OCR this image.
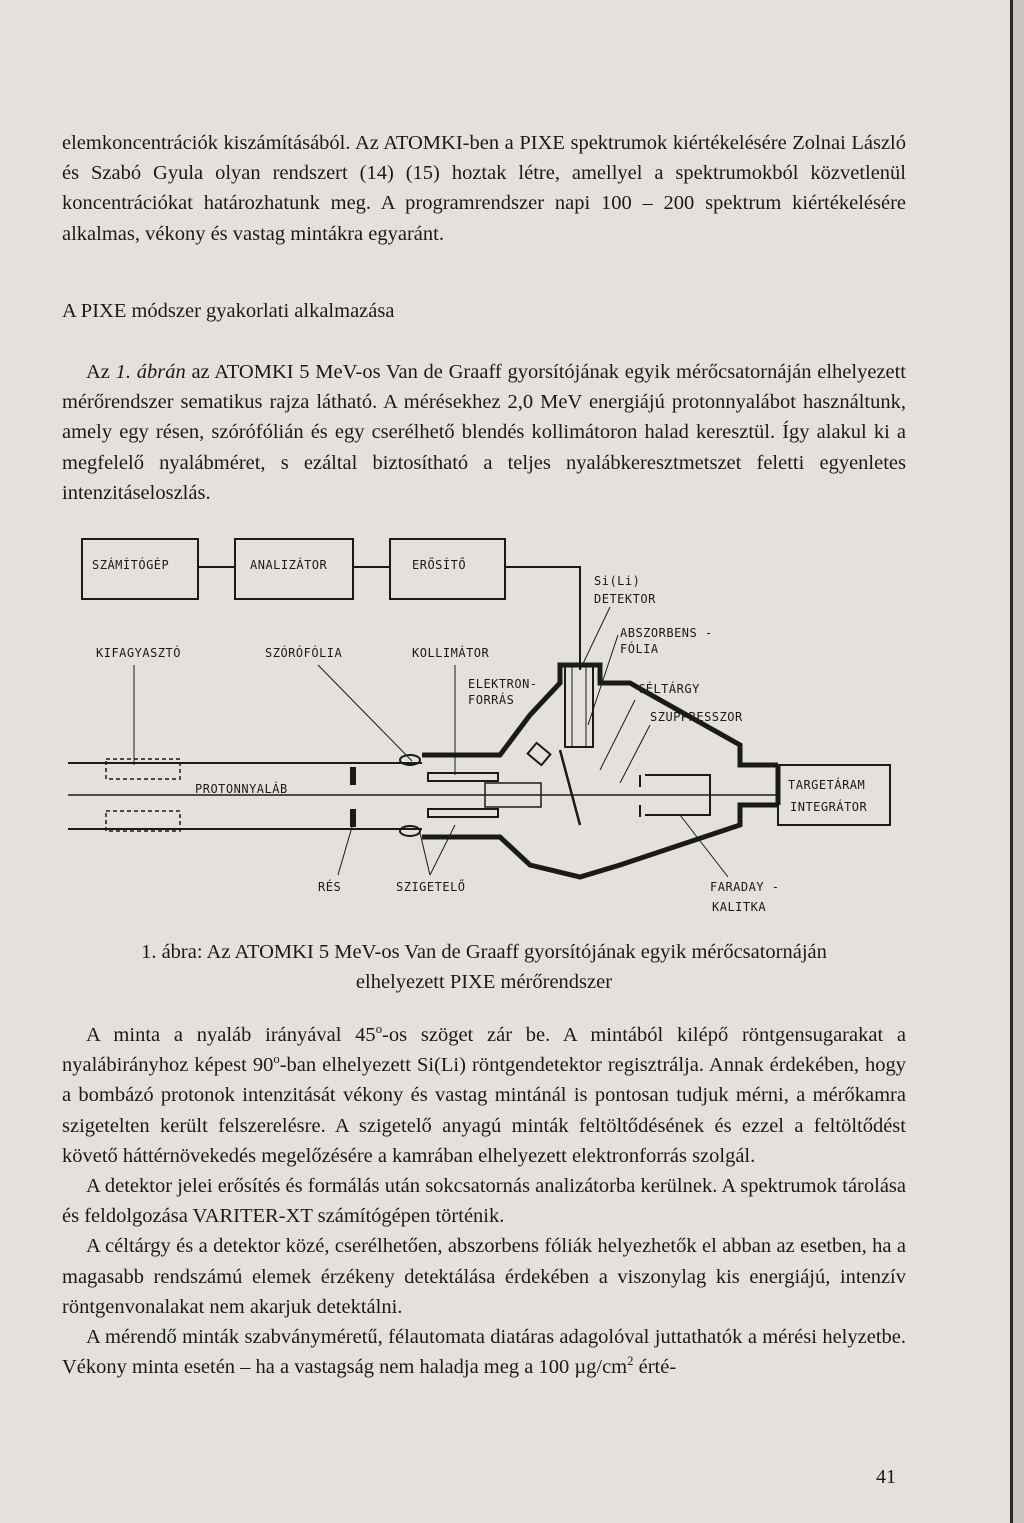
elemkoncentrációk kiszámításából. Az ATOMKI-ben a PIXE spektrumok kiértékelésére Zolnai László és Szabó Gyula olyan rendszert (14) (15) hoztak létre, amellyel a spektrumokból közvetlenül koncentrációkat határozhatunk meg. A programrendszer napi 100 – 200 spektrum kiértékelésére alkalmas, vékony és vastag mintákra egyaránt.

A PIXE módszer gyakorlati alkalmazása

Az 1. ábrán az ATOMKI 5 MeV-os Van de Graaff gyorsítójának egyik mérőcsatornáján elhelyezett mérőrendszer sematikus rajza látható. A mérésekhez 2,0 MeV energiájú protonnyalábot használtunk, amely egy résen, szórófólián és egy cserélhető blendés kollimátoron halad keresztül. Így alakul ki a megfelelő nyalábméret, s ezáltal biztosítható a teljes nyalábkeresztmetszet feletti egyenletes intenzitáseloszlás.

SZÁMÍTÓGÉP	ANALIZÁTOR	ERŐSÍTŐ
Si(Li)
DETEKTOR
ABSZORBENS -
FÓLIA
KIFAGYASZTÓ	SZÓRÓFÓLIA	KOLLIMÁTOR
ELEKTRON-
FORRÁS
CÉLTÁRGY
SZUPPRESSZOR
PROTONNYALÁB	TARGETÁRAM
INTEGRÁTOR
RÉS	SZIGETELŐ	FARADAY -
KALITKA
1. ábra: Az ATOMKI 5 MeV-os Van de Graaff gyorsítójának egyik mérőcsatornáján
elhelyezett PIXE mérőrendszer

A minta a nyaláb irányával 45$^o$-os szöget zár be. A mintából kilépő röntgensugarakat a nyalábirányhoz képest 90$^o$-ban elhelyezett Si(Li) röntgendetektor regisztrálja. Annak érdekében, hogy a bombázó protonok intenzitását vékony és vastag mintánál is pontosan tudjuk mérni, a mérőkamra szigetelten került felszerelésre. A szigetelő anyagú minták feltöltődésének és ezzel a feltöltődést követő háttérnövekedés megelőzésére a kamrában elhelyezett elektronforrás szolgál.

A detektor jelei erősítés és formálás után sokcsatornás analizátorba kerülnek. A spektrumok tárolása és feldolgozása VARITER-XT számítógépen történik.

A céltárgy és a detektor közé, cserélhetően, abszorbens fóliák helyezhetők el abban az esetben, ha a magasabb rendszámú elemek érzékeny detektálása érdekében a viszonylag kis energiájú, intenzív röntgenvonalakat nem akarjuk detektálni.

A mérendő minták szabványméretű, félautomata diatáras adagolóval juttathatók a mérési helyzetbe. Vékony minta esetén – ha a vastagság nem haladja meg a 100 $\mu g/cm^2$ érté-

41
